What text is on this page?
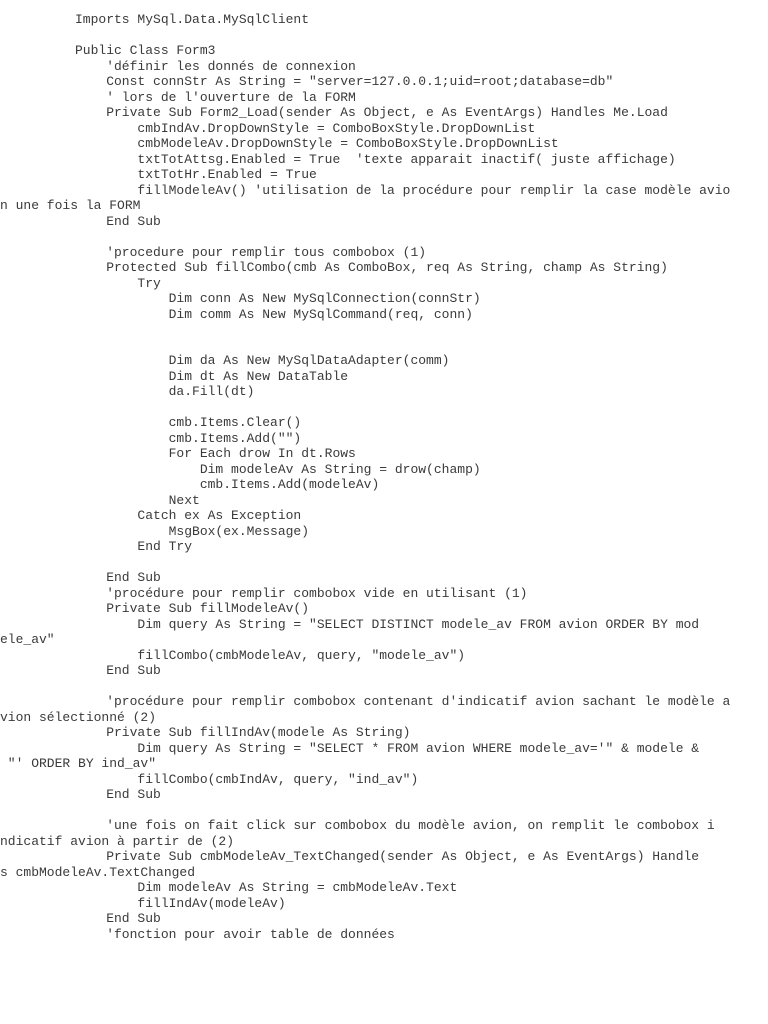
Imports MySql.Data.MySqlClient
Public Class Form3
'définir les donnés de connexion
Const connStr As String = "server=127.0.0.1;uid=root;database=db"
' lors de l'ouverture de la FORM
Private Sub Form2_Load(sender As Object, e As EventArgs) Handles Me.Load
cmbIndAv.DropDownStyle = ComboBoxStyle.DropDownList
cmbModeleAv.DropDownStyle = ComboBoxStyle.DropDownList
txtTotAttsg.Enabled = True  'texte apparait inactif( juste affichage)
txtTotHr.Enabled = True
fillModeleAv() 'utilisation de la procédure pour remplir la case modèle avio
n une fois la FORM
End Sub
'procedure pour remplir tous combobox (1)
Protected Sub fillCombo(cmb As ComboBox, req As String, champ As String)
Try
Dim conn As New MySqlConnection(connStr)
Dim comm As New MySqlCommand(req, conn)
Dim da As New MySqlDataAdapter(comm)
Dim dt As New DataTable
da.Fill(dt)
cmb.Items.Clear()
cmb.Items.Add("")
For Each drow In dt.Rows
Dim modeleAv As String = drow(champ)
cmb.Items.Add(modeleAv)
Next
Catch ex As Exception
MsgBox(ex.Message)
End Try
End Sub
'procédure pour remplir combobox vide en utilisant (1)
Private Sub fillModeleAv()
Dim query As String = "SELECT DISTINCT modele_av FROM avion ORDER BY mod
ele_av"
fillCombo(cmbModeleAv, query, "modele_av")
End Sub
'procédure pour remplir combobox contenant d'indicatif avion sachant le modèle a
vion sélectionné (2)
Private Sub fillIndAv(modele As String)
Dim query As String = "SELECT * FROM avion WHERE modele_av='" & modele &
"' ORDER BY ind_av"
fillCombo(cmbIndAv, query, "ind_av")
End Sub
'une fois on fait click sur combobox du modèle avion, on remplit le combobox i
ndicatif avion à partir de (2)
Private Sub cmbModeleAv_TextChanged(sender As Object, e As EventArgs) Handle
s cmbModeleAv.TextChanged
Dim modeleAv As String = cmbModeleAv.Text
fillIndAv(modeleAv)
End Sub
'fonction pour avoir table de données
